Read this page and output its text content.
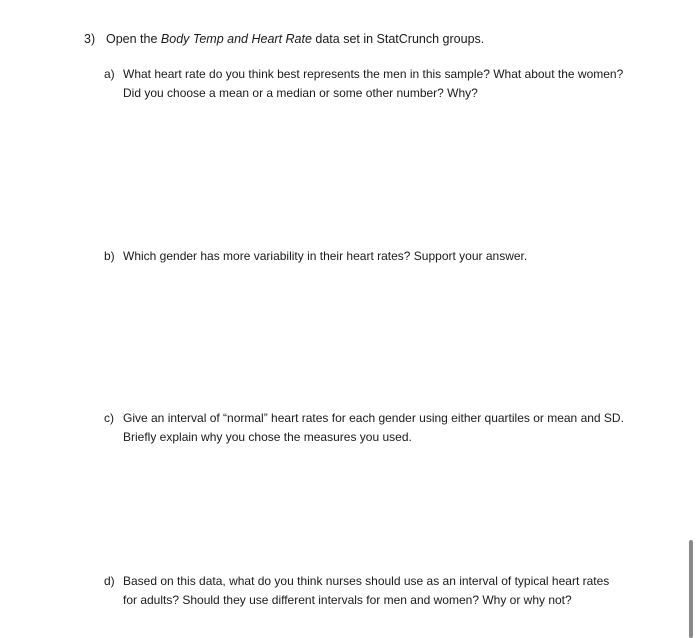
3) Open the Body Temp and Heart Rate data set in StatCrunch groups.
a) What heart rate do you think best represents the men in this sample? What about the women? Did you choose a mean or a median or some other number? Why?
b) Which gender has more variability in their heart rates? Support your answer.
c) Give an interval of “normal” heart rates for each gender using either quartiles or mean and SD. Briefly explain why you chose the measures you used.
d) Based on this data, what do you think nurses should use as an interval of typical heart rates for adults? Should they use different intervals for men and women? Why or why not?
